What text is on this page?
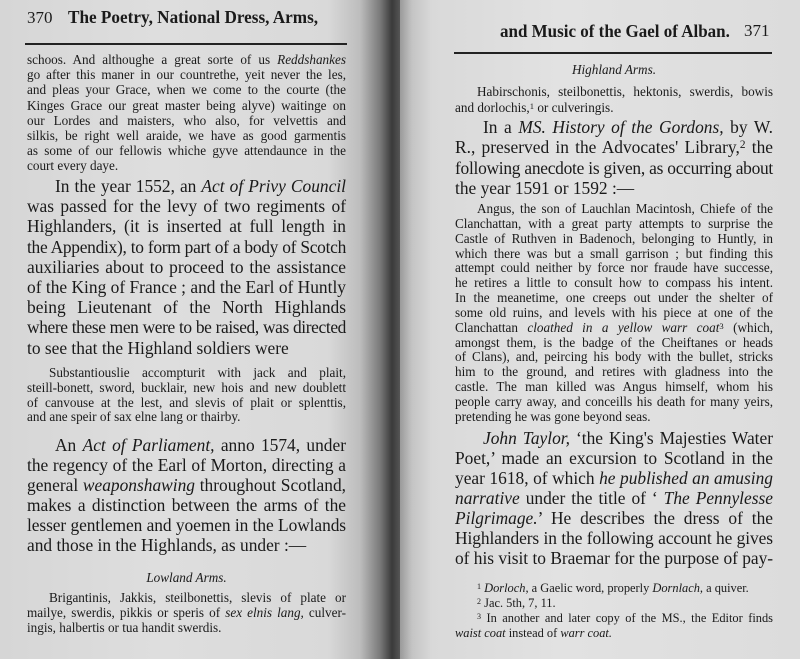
370 The Poetry, National Dress, Arms,
schoos. And althoughe a great sorte of us Reddshankes
go after this maner in our countrethe, yeit never the les,
and pleas your Grace, when we come to the courte (the
Kinges Grace our great master being alyve) waitinge on
our Lordes and maisters, who also, for velvettis and
silkis, be right well araide, we have as good garmentis
as some of our fellowis whiche gyve attendaunce in the
court every daye.
In the year 1552, an Act of Privy Council
was passed for the levy of two regiments of
Highlanders, (it is inserted at full length in
the Appendix), to form part of a body of Scotch
auxiliaries about to proceed to the assistance
of the King of France ; and the Earl of Huntly
being Lieutenant of the North Highlands
where these men were to be raised, was directed
to see that the Highland soldiers were
Substantiouslie accompturit with jack and plait,
steill-bonett, sword, bucklair, new hois and new doublett
of canvouse at the lest, and slevis of plait or splenttis,
and ane speir of sax elne lang or thairby.
An Act of Parliament, anno 1574, under
the regency of the Earl of Morton, directing a
general weaponshawing throughout Scotland,
makes a distinction between the arms of the
lesser gentlemen and yoemen in the Lowlands
and those in the Highlands, as under :—
Lowland Arms.
Brigantinis, Jakkis, steilbonettis, slevis of plate or
mailye, swerdis, pikkis or speris of sex elnis lang, culver-
ingis, halbertis or tua handit swerdis.
and Music of the Gael of Alban. 371
Highland Arms.
Habirschonis, steilbonettis, hektonis, swerdis, bowis
and dorlochis,$^1$ or culveringis.
In a MS. History of the Gordons, by W.
R., preserved in the Advocates' Library,$^2$ the
following anecdote is given, as occurring about
the year 1591 or 1592 :—
Angus, the son of Lauchlan Macintosh, Chiefe of the
Clanchattan, with a great party attempts to surprise the
Castle of Ruthven in Badenoch, belonging to Huntly, in
which there was but a small garrison ; but finding this
attempt could neither by force nor fraude have successe,
he retires a little to consult how to compass his intent.
In the meanetime, one creeps out under the shelter of
some old ruins, and levels with his piece at one of the
Clanchattan cloathed in a yellow warr coat$^3$ (which,
amongst them, is the badge of the Cheiftanes or heads
of Clans), and, peircing his body with the bullet, stricks
him to the ground, and retires with gladness into the
castle. The man killed was Angus himself, whom his
people carry away, and conceills his death for many yeirs,
pretending he was gone beyond seas.
John Taylor, ‘the King's Majesties Water
Poet,’ made an excursion to Scotland in the
year 1618, of which he published an amusing
narrative under the title of ‘ The Pennylesse
Pilgrimage.’ He describes the dress of the
Highlanders in the following account he gives
of his visit to Braemar for the purpose of pay-
$^1$ Dorloch, a Gaelic word, properly Dornlach, a quiver.
$^2$ Jac. 5th, 7, 11.
$^3$ In another and later copy of the MS., the Editor finds
waist coat instead of warr coat.
